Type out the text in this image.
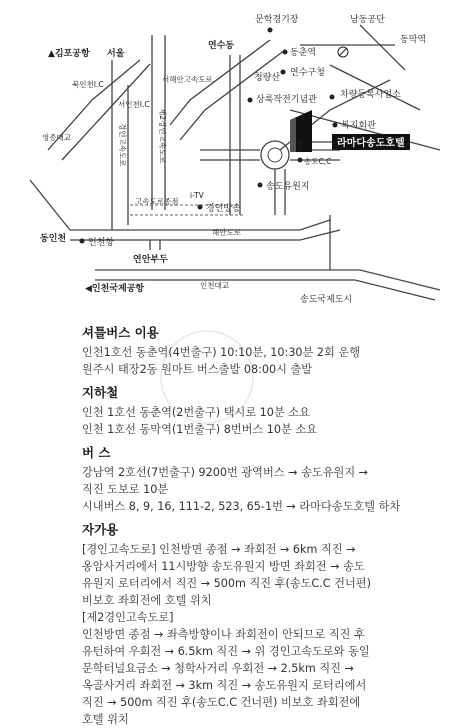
라마다송도호텔
문학경기장	남동공단
동막역
동춘역
▲김포공항 서울
연수동
연수구청
서해안고속도로	청량산
북인천I.C
서인천I.C	상록작전기념관	차량등록사업소
영종대교	경인고속도로	제2경인고속도로	복지회관
송도C,C
송도유원지
고속도로종점
i-TV
경인방송
동인천 인천항
해안도로
연안부두
◀인천국제공항	인천대교
송도국제도시
셔틀버스 이용

인천1호선 동춘역(4번출구) 10:10분, 10:30분 2회 운행

원주시 태장2동 원마트 버스출발 08:00시 출발

지하철

인천 1호선 동춘역(2번출구) 택시로 10분 소요

인천 1호선 동막역(1번출구) 8번버스 10분 소요

버 스

강남역 2호선(7번출구) 9200번 광역버스 → 송도유원지 →

직진 도보로 10분

시내버스 8, 9, 16, 111-2, 523, 65-1번 → 라마다송도호텔 하차

자가용

[경인고속도로] 인천방면 종점 → 좌회전 → 6km 직진 →

옹암사거리에서 11시방향 송도유원지 방면 좌회전 → 송도

유원지 로터리에서 직진 → 500m 직진 후(송도C.C 건너편)

비보호 좌회전에 호텔 위치

[제2경인고속도로]

인천방면 종점 → 좌측방향이나 좌회전이 안되므로 직진 후

유턴하여 우회전 → 6.5km 직진 → 위 경인고속도로와 동일

문학터널요금소 → 청학사거리 우회전 → 2.5km 직진 →

옥골사거리 좌회전 → 3km 직진 → 송도유원지 로터리에서

직진 → 500m 직진 후(송도C.C 건너편) 비보호 좌회전에

호텔 위치
